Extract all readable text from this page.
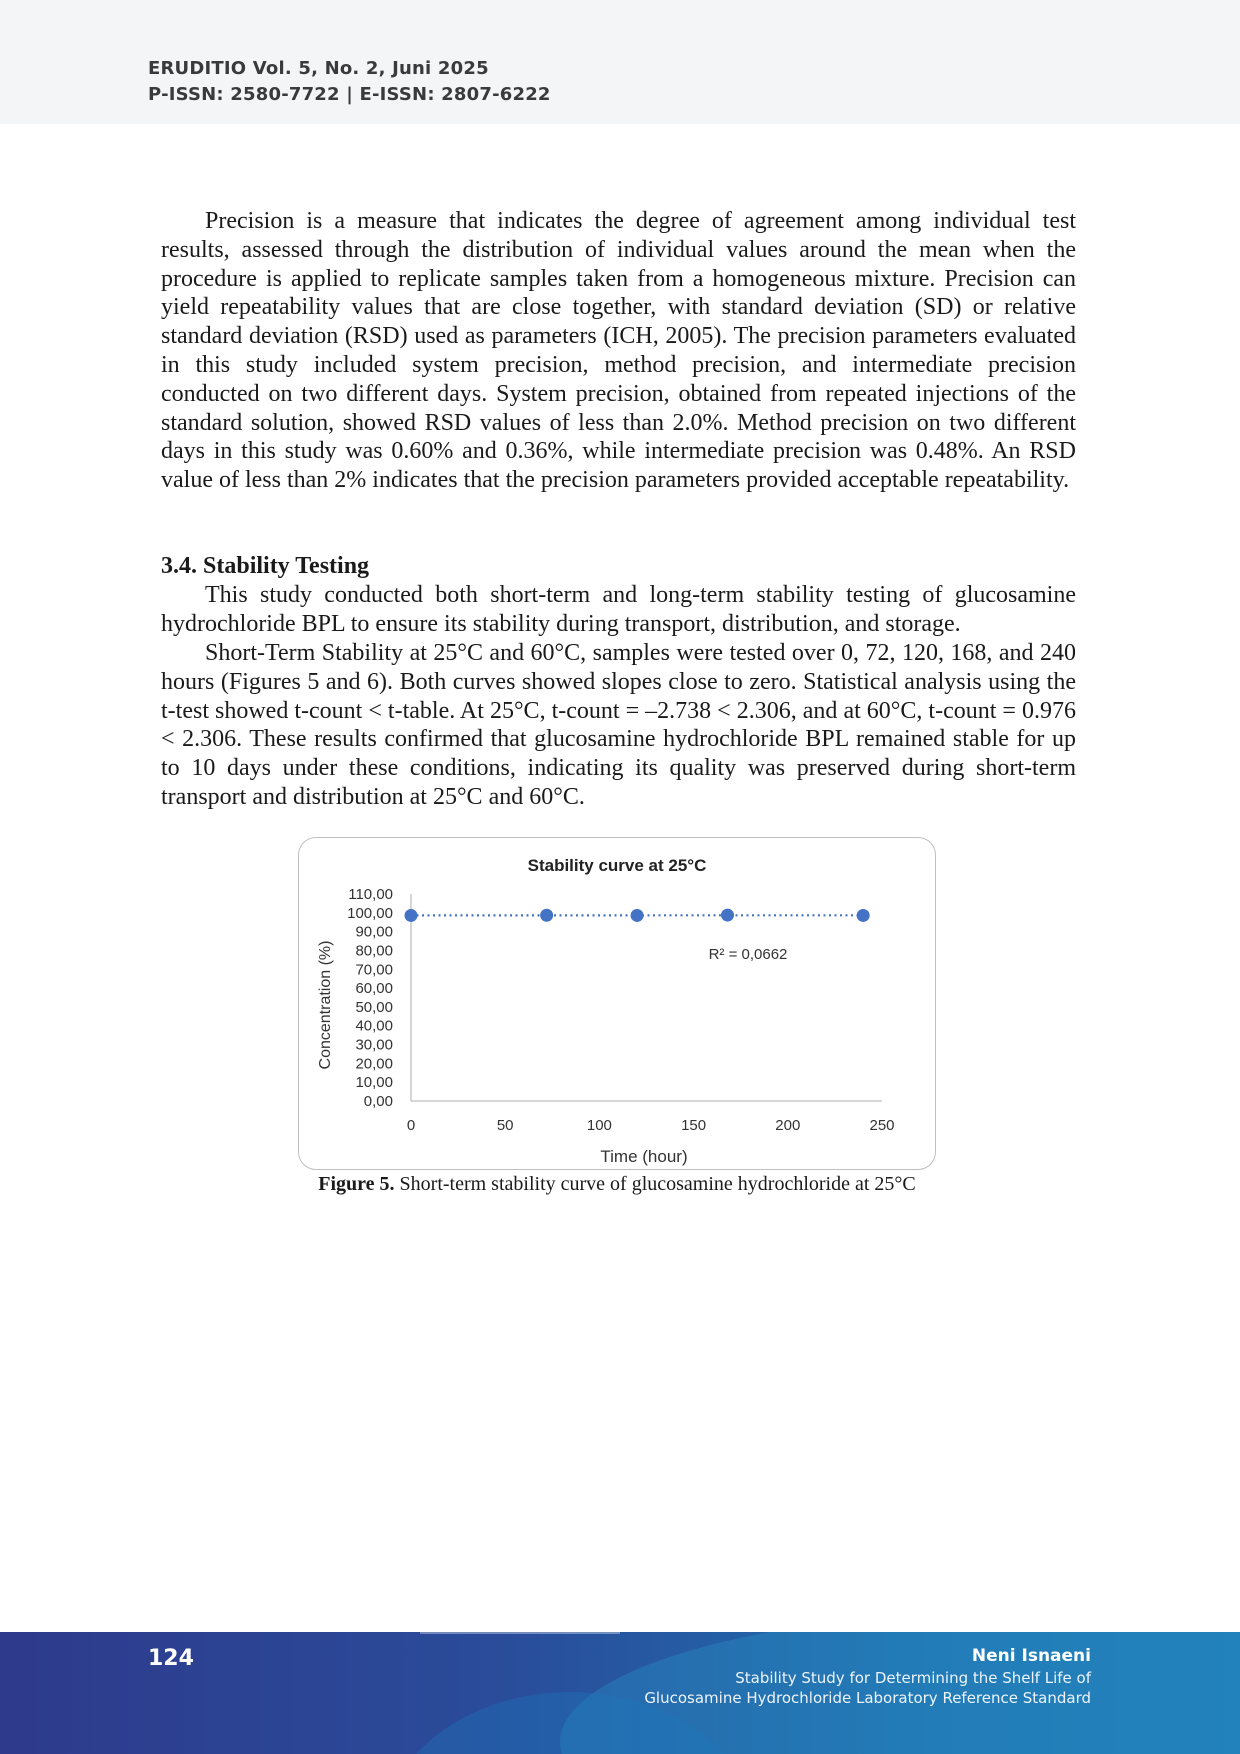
ERUDITIO Vol. 5, No. 2, Juni 2025
P-ISSN: 2580-7722 | E-ISSN: 2807-6222

Precision is a measure that indicates the degree of agreement among individual test results, assessed through the distribution of individual values around the mean when the procedure is applied to replicate samples taken from a homogeneous mixture. Precision can yield repeatability values that are close together, with standard deviation (SD) or relative standard deviation (RSD) used as parameters (ICH, 2005). The precision parameters evaluated in this study included system precision, method precision, and intermediate precision conducted on two different days. System precision, obtained from repeated injections of the standard solution, showed RSD values of less than 2.0%. Method precision on two different days in this study was 0.60% and 0.36%, while intermediate precision was 0.48%. An RSD value of less than 2% indicates that the precision parameters provided acceptable repeatability.

3.4. Stability Testing

This study conducted both short-term and long-term stability testing of glucosamine hydrochloride BPL to ensure its stability during transport, distribution, and storage.

Short-Term Stability at 25°C and 60°C, samples were tested over 0, 72, 120, 168, and 240 hours (Figures 5 and 6). Both curves showed slopes close to zero. Statistical analysis using the t-test showed t-count < t-table. At 25°C, t-count = –2.738 < 2.306, and at 60°C, t-count = 0.976 < 2.306. These results confirmed that glucosamine hydrochloride BPL remained stable for up to 10 days under these conditions, indicating its quality was preserved during short-term transport and distribution at 25°C and 60°C.

Stability curve at 25°C
0,00
10,00
20,00
30,00
40,00
50,00
60,00
70,00
80,00
90,00
100,00
110,00
0	50	100	150	200	250
Time (hour)
Concentration (%)	R² = 0,0662
Figure 5. Short-term stability curve of glucosamine hydrochloride at 25°C
124	Neni Isnaeni
Stability Study for Determining the Shelf Life of
Glucosamine Hydrochloride Laboratory Reference Standard
